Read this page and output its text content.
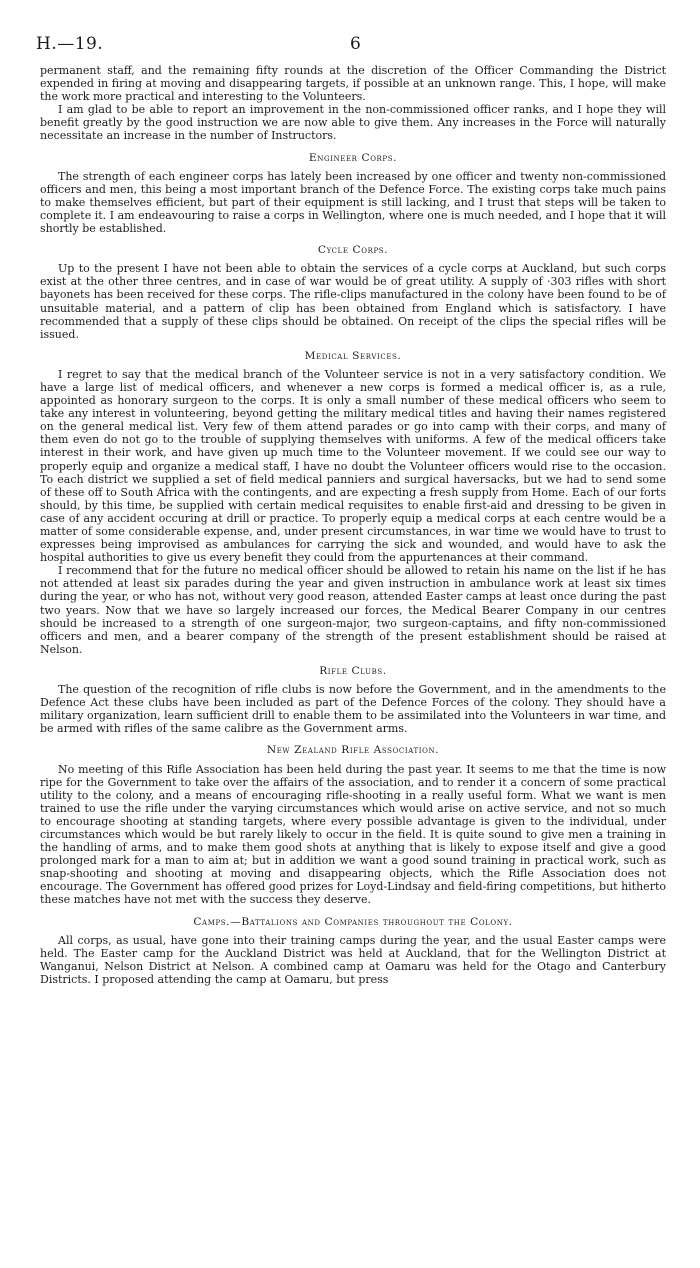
H.—19.	6

permanent staff, and the remaining fifty rounds at the discretion of the Officer Commanding the District expended in firing at moving and disappearing targets, if possible at an unknown range. This, I hope, will make the work more practical and interesting to the Volunteers.

I am glad to be able to report an improvement in the non-commissioned officer ranks, and I hope they will benefit greatly by the good instruction we are now able to give them. Any increases in the Force will naturally necessitate an increase in the number of Instructors.

Engineer Corps.

The strength of each engineer corps has lately been increased by one officer and twenty non-commissioned officers and men, this being a most important branch of the Defence Force. The existing corps take much pains to make themselves efficient, but part of their equipment is still lacking, and I trust that steps will be taken to complete it. I am endeavouring to raise a corps in Wellington, where one is much needed, and I hope that it will shortly be established.

Cycle Corps.

Up to the present I have not been able to obtain the services of a cycle corps at Auckland, but such corps exist at the other three centres, and in case of war would be of great utility. A supply of ·303 rifles with short bayonets has been received for these corps. The rifle-clips manufactured in the colony have been found to be of unsuitable material, and a pattern of clip has been obtained from England which is satisfactory. I have recommended that a supply of these clips should be obtained. On receipt of the clips the special rifles will be issued.

Medical Services.

I regret to say that the medical branch of the Volunteer service is not in a very satisfactory condition. We have a large list of medical officers, and whenever a new corps is formed a medical officer is, as a rule, appointed as honorary surgeon to the corps. It is only a small number of these medical officers who seem to take any interest in volunteering, beyond getting the military medical titles and having their names registered on the general medical list. Very few of them attend parades or go into camp with their corps, and many of them even do not go to the trouble of supplying themselves with uniforms. A few of the medical officers take interest in their work, and have given up much time to the Volunteer movement. If we could see our way to properly equip and organize a medical staff, I have no doubt the Volunteer officers would rise to the occasion. To each district we supplied a set of field medical panniers and surgical haversacks, but we had to send some of these off to South Africa with the contingents, and are expecting a fresh supply from Home. Each of our forts should, by this time, be supplied with certain medical requisites to enable first-aid and dressing to be given in case of any accident occuring at drill or practice. To properly equip a medical corps at each centre would be a matter of some considerable expense, and, under present circumstances, in war time we would have to trust to expresses being improvised as ambulances for carrying the sick and wounded, and would have to ask the hospital authorities to give us every benefit they could from the appurtenances at their command.

I recommend that for the future no medical officer should be allowed to retain his name on the list if he has not attended at least six parades during the year and given instruction in ambulance work at least six times during the year, or who has not, without very good reason, attended Easter camps at least once during the past two years. Now that we have so largely increased our forces, the Medical Bearer Company in our centres should be increased to a strength of one surgeon-major, two surgeon-captains, and fifty non-commissioned officers and men, and a bearer company of the strength of the present establishment should be raised at Nelson.

Rifle Clubs.

The question of the recognition of rifle clubs is now before the Government, and in the amendments to the Defence Act these clubs have been included as part of the Defence Forces of the colony. They should have a military organization, learn sufficient drill to enable them to be assimilated into the Volunteers in war time, and be armed with rifles of the same calibre as the Government arms.

New Zealand Rifle Association.

No meeting of this Rifle Association has been held during the past year. It seems to me that the time is now ripe for the Government to take over the affairs of the association, and to render it a concern of some practical utility to the colony, and a means of encouraging rifle-shooting in a really useful form. What we want is men trained to use the rifle under the varying circumstances which would arise on active service, and not so much to encourage shooting at standing targets, where every possible advantage is given to the individual, under circumstances which would be but rarely likely to occur in the field. It is quite sound to give men a training in the handling of arms, and to make them good shots at anything that is likely to expose itself and give a good prolonged mark for a man to aim at; but in addition we want a good sound training in practical work, such as snap-shooting and shooting at moving and disappearing objects, which the Rifle Association does not encourage. The Government has offered good prizes for Loyd-Lindsay and field-firing competitions, but hitherto these matches have not met with the success they deserve.

Camps.—Battalions and Companies throughout the Colony.

All corps, as usual, have gone into their training camps during the year, and the usual Easter camps were held. The Easter camp for the Auckland District was held at Auckland, that for the Wellington District at Wanganui, Nelson District at Nelson. A combined camp at Oamaru was held for the Otago and Canterbury Districts. I proposed attending the camp at Oamaru, but press
